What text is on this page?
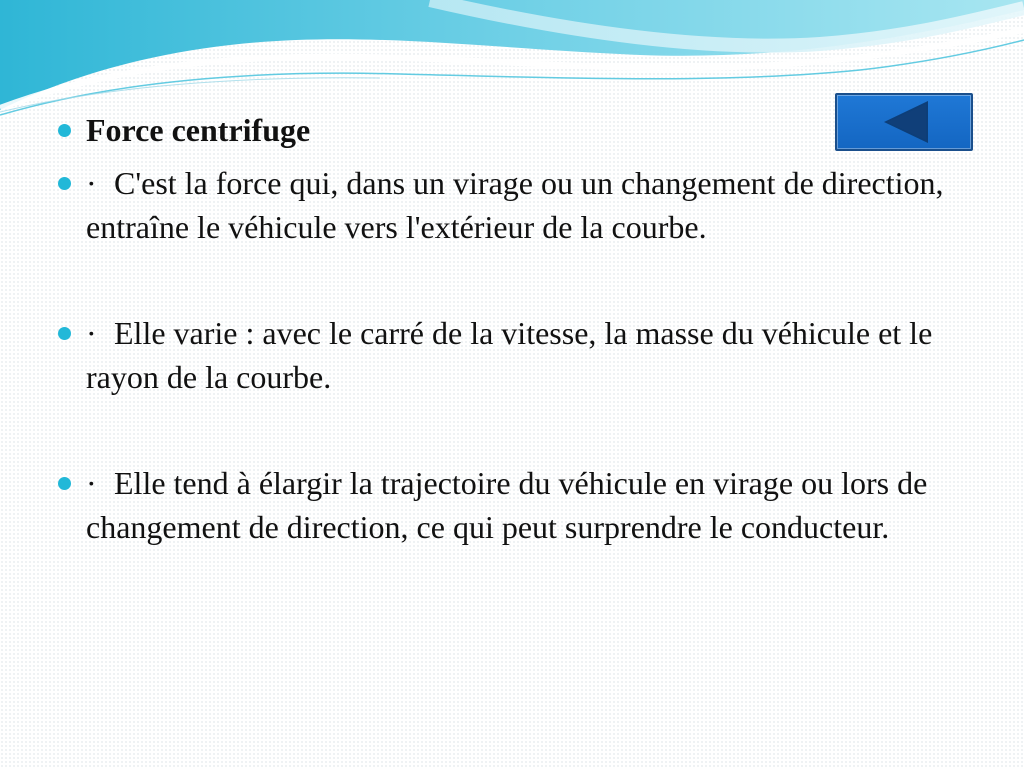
Force centrifuge
· C'est la force qui, dans un virage ou un changement de direction, entraîne le véhicule vers l'extérieur de la courbe.
· Elle varie : avec le carré de la vitesse, la masse du véhicule et le rayon de la courbe.
· Elle tend à élargir la trajectoire du véhicule en virage ou lors de changement de direction, ce qui peut surprendre le conducteur.
